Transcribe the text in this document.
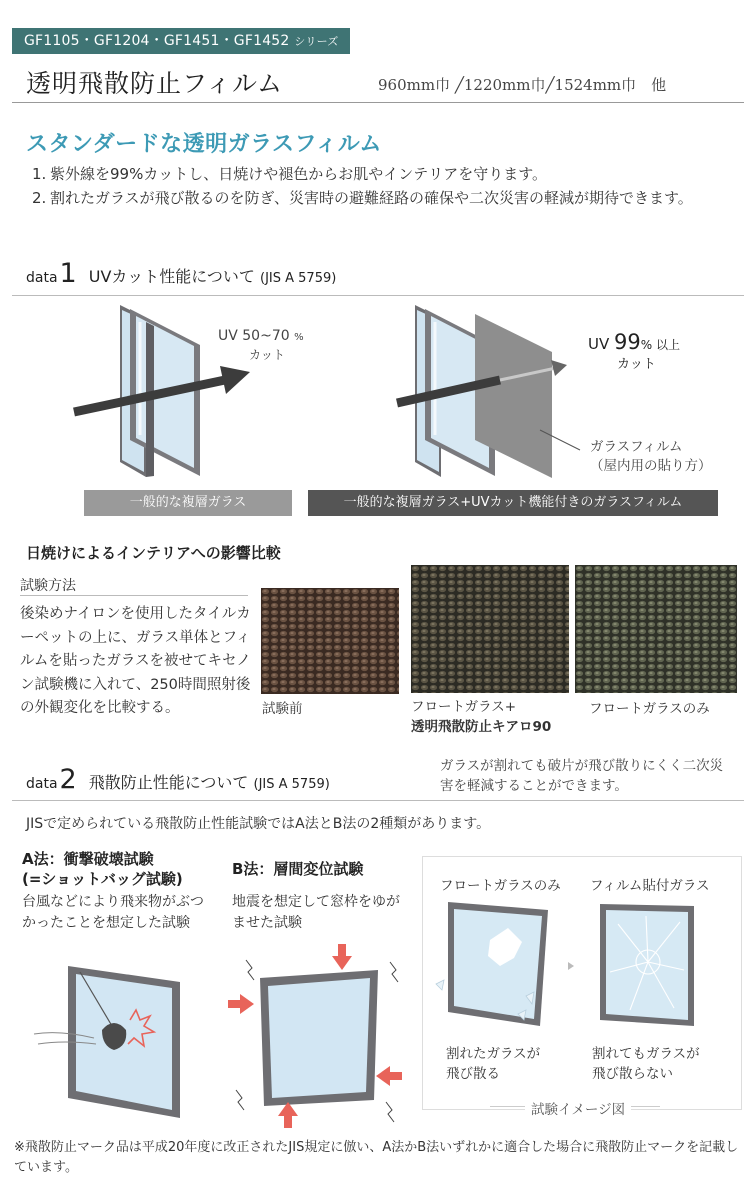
GF1105・GF1204・GF1451・GF1452 シリーズ
透明飛散防止フィルム	960mm巾 ╱1220mm巾╱1524mm巾　他
スタンダードな透明ガラスフィルム
1. 紫外線を99%カットし、日焼けや褪色からお肌やインテリアを守ります。
2. 割れたガラスが飛び散るのを防ぎ、災害時の避難経路の確保や二次災害の軽減が期待できます。
data1 UVカット性能について (JIS A 5759)
UV 50~70 %
カット
UV 99% 以上
カット
ガラスフィルム
（屋内用の貼り方）
一般的な複層ガラス	一般的な複層ガラス+UVカット機能付きのガラスフィルム
日焼けによるインテリアへの影響比較
試験方法
後染めナイロンを使用したタイルカーペットの上に、ガラス単体とフィルムを貼ったガラスを被せてキセノン試験機に入れて、250時間照射後の外観変化を比較する。	試験前	フロートガラス+
透明飛散防止キアロ90
フロートガラスのみ
data2 飛散防止性能について (JIS A 5759)
ガラスが割れても破片が飛び散りにくく二次災害を軽減することができます。
JISで定められている飛散防止性能試験ではA法とB法の2種類があります。
A法：衝撃破壊試験
(=ショットバッグ試験)
台風などにより飛来物がぶつかったことを想定した試験
B法：層間変位試験
地震を想定して窓枠をゆがませた試験
フロートガラスのみ フィルム貼付ガラス
割れたガラスが
飛び散る
割れてもガラスが
飛び散らない
試験イメージ図
※飛散防止マーク品は平成20年度に改正されたJIS規定に倣い、A法かB法いずれかに適合した場合に飛散防止マークを記載しています。
